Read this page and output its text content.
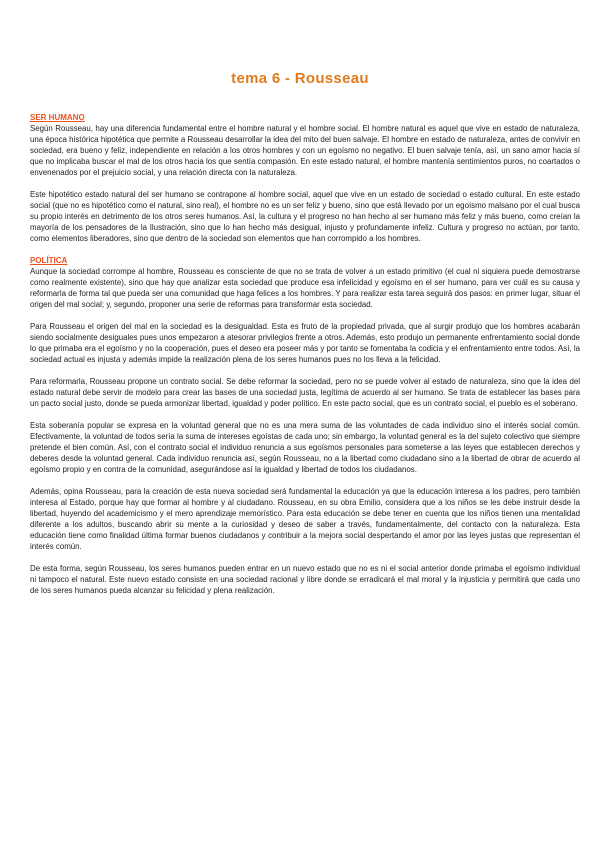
tema 6 - Rousseau
SER HUMANO

Según Rousseau, hay una diferencia fundamental entre el hombre natural y el hombre social. El hombre natural es aquel que vive en estado de naturaleza, una época histórica hipotética que permite a Rousseau desarrollar la idea del mito del buen salvaje. El hombre en estado de naturaleza, antes de convivir en sociedad, era bueno y feliz, independiente en relación a los otros hombres y con un egoísmo no negativo. El buen salvaje tenía, así, un sano amor hacia sí que no implicaba buscar el mal de los otros hacia los que sentía compasión. En este estado natural, el hombre mantenía sentimientos puros, no coartados o envenenados por el prejuicio social, y una relación directa con la naturaleza.

Este hipotético estado natural del ser humano se contrapone al hombre social, aquel que vive en un estado de sociedad o estado cultural. En este estado social (que no es hipotético como el natural, sino real), el hombre no es un ser feliz y bueno, sino que está llevado por un egoísmo malsano por el cual busca su propio interés en detrimento de los otros seres humanos. Así, la cultura y el progreso no han hecho al ser humano más feliz y más bueno, como creían la mayoría de los pensadores de la Ilustración, sino que lo han hecho más desigual, injusto y profundamente infeliz. Cultura y progreso no actúan, por tanto, como elementos liberadores, sino que dentro de la sociedad son elementos que han corrompido a los hombres.

POLÍTICA

Aunque la sociedad corrompe al hombre, Rousseau es consciente de que no se trata de volver a un estado primitivo (el cual ni siquiera puede demostrarse como realmente existente), sino que hay que analizar esta sociedad que produce esa infelicidad y egoísmo en el ser humano, para ver cuál es su causa y reformarla de forma tal que pueda ser una comunidad que haga felices a los hombres. Y para realizar esta tarea seguirá dos pasos: en primer lugar, situar el origen del mal social; y, segundo, proponer una serie de reformas para transformar esta sociedad.

Para Rousseau el origen del mal en la sociedad es la desigualdad. Esta es fruto de la propiedad privada, que al surgir produjo que los hombres acabarán siendo socialmente desiguales pues unos empezaron a atesorar privilegios frente a otros. Además, esto produjo un permanente enfrentamiento social donde lo que primaba era el egoísmo y no la cooperación, pues el deseo era poseer más y por tanto se fomentaba la codicia y el enfrentamiento entre todos. Así, la sociedad actual es injusta y además impide la realización plena de los seres humanos pues no los lleva a la felicidad.

Para reformarla, Rousseau propone un contrato social. Se debe reformar la sociedad, pero no se puede volver al estado de naturaleza, sino que la idea del estado natural debe servir de modelo para crear las bases de una sociedad justa, legítima de acuerdo al ser humano. Se trata de establecer las bases para un pacto social justo, donde se pueda armonizar libertad, igualdad y poder político. En este pacto social, que es un contrato social, el pueblo es el soberano.

Esta soberanía popular se expresa en la voluntad general que no es una mera suma de las voluntades de cada individuo sino el interés social común. Efectivamente, la voluntad de todos sería la suma de intereses egoístas de cada uno; sin embargo, la voluntad general es la del sujeto colectivo que siempre pretende el bien común. Así, con el contrato social el individuo renuncia a sus egoísmos personales para someterse a las leyes que establecen derechos y deberes desde la voluntad general. Cada individuo renuncia así, según Rousseau, no a la libertad como ciudadano sino a la libertad de obrar de acuerdo al egoísmo propio y en contra de la comunidad, asegurándose así la igualdad y libertad de todos los ciudadanos.

Además, opina Rousseau, para la creación de esta nueva sociedad será fundamental la educación ya que la educación interesa a los padres, pero también interesa al Estado, porque hay que formar al hombre y al ciudadano. Rousseau, en su obra Emilio, considera que a los niños se les debe instruir desde la libertad, huyendo del academicismo y el mero aprendizaje memorístico. Para esta educación se debe tener en cuenta que los niños tienen una mentalidad diferente a los adultos, buscando abrir su mente a la curiosidad y deseo de saber a través, fundamentalmente, del contacto con la naturaleza. Esta educación tiene como finalidad última formar buenos ciudadanos y contribuir a la mejora social despertando el amor por las leyes justas que representan el interés común.

De esta forma, según Rousseau, los seres humanos pueden entrar en un nuevo estado que no es ni el social anterior donde primaba el egoísmo individual ni tampoco el natural. Este nuevo estado consiste en una sociedad racional y libre donde se erradicará el mal moral y la injusticia y permitirá que cada uno de los seres humanos pueda alcanzar su felicidad y plena realización.
